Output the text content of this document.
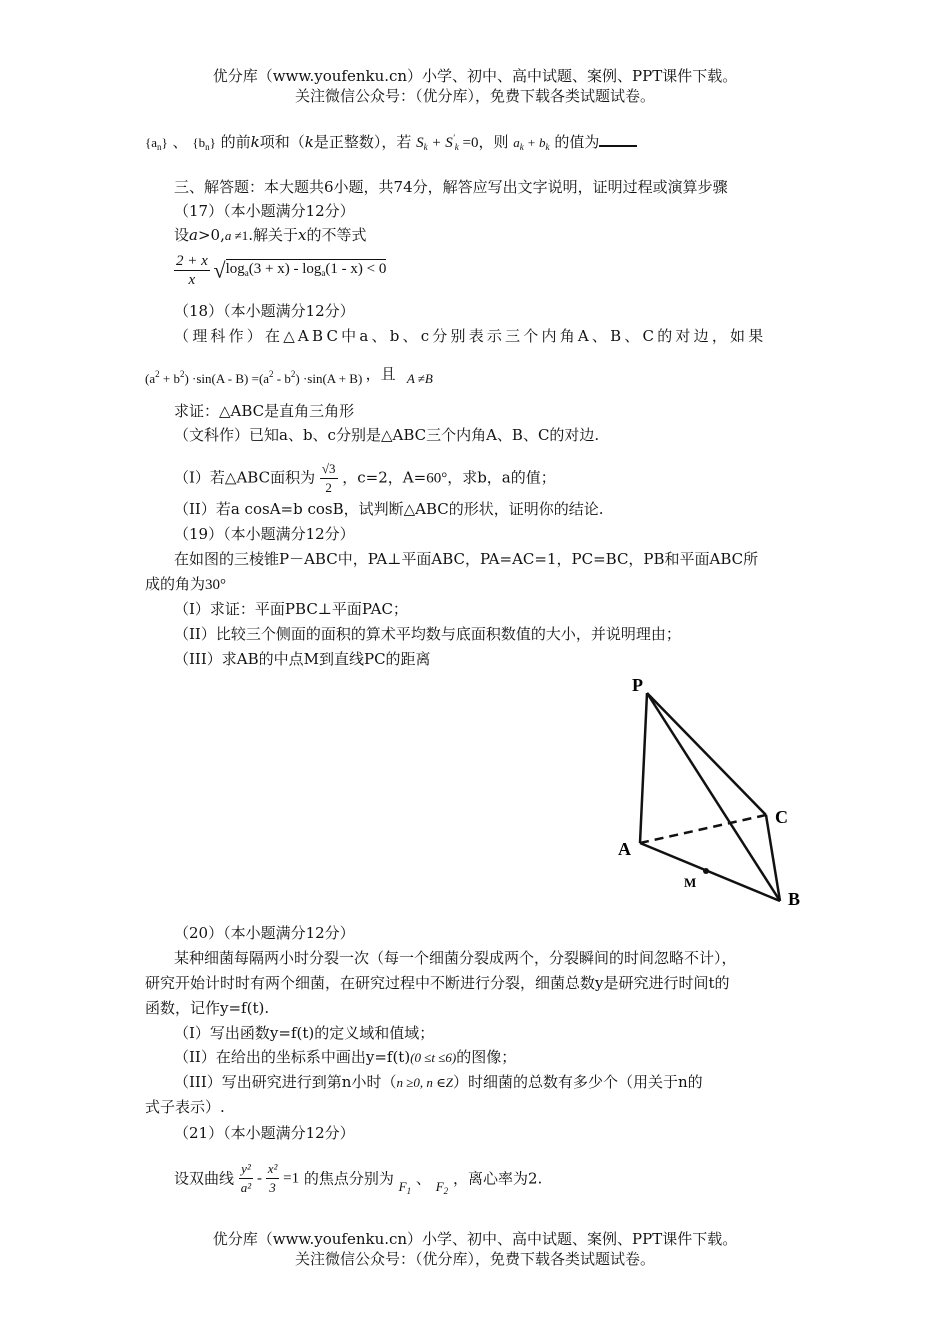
优分库（www.youfenku.cn）小学、初中、高中试题、案例、PPT课件下载。
关注微信公众号：（优分库），免费下载各类试题试卷。
$\{a_n\}$ 、 $\{b_n\}$ 的前k项和（k是正整数），若 $S_k + S'_k =0$，则 $a_k + b_k$ 的值为
三、解答题：本大题共6小题，共74分，解答应写出文字说明，证明过程或演算步骤
（17）（本小题满分12分）
设a>0,a ≠1.解关于x的不等式
$\frac{2 + x}{x} √\log_a(3 + x) - \log_a(1 - x) < 0$
（18）（本小题满分12分）
（理科作）在△ABC中a、b、c分别表示三个内角A、B、C的对边，如果
$(a^2 + b^2) \cdot\sin(A - B) =(a^2 - b^2) \cdot\sin(A + B)$ ，且 A ≠B
求证：△ABC是直角三角形
（文科作）已知a、b、c分别是△ABC三个内角A、B、C的对边.
（I）若△ABC面积为 $\frac{√3}{2}$ ，c=2，A=60°，求b，a的值；
（II）若a cosA=b cosB，试判断△ABC的形状，证明你的结论.
（19）（本小题满分12分）
在如图的三棱锥P－ABC中，PA⊥平面ABC，PA=AC=1，PC=BC，PB和平面ABC所
成的角为30°
（I）求证：平面PBC⊥平面PAC；
（II）比较三个侧面的面积的算术平均数与底面积数值的大小，并说明理由；
（III）求AB的中点M到直线PC的距离
P
A
B
C
M
（20）（本小题满分12分）
某种细菌每隔两小时分裂一次（每一个细菌分裂成两个，分裂瞬间的时间忽略不计），
研究开始计时时有两个细菌，在研究过程中不断进行分裂，细菌总数y是研究进行时间t的
函数，记作y=f(t).
（I）写出函数y=f(t)的定义域和值域；
（II）在给出的坐标系中画出y=f(t)(0 ≤t ≤6)的图像；
（III）写出研究进行到第n小时（n ≥0, n ∈Z）时细菌的总数有多少个（用关于n的
式子表示）.
（21）（本小题满分12分）
设双曲线 $\frac{\text{y²}}{\text{a²}} - \frac{\text{x²}}{3} =1$ 的焦点分别为 $F_1$ 、 $F_2$ ，离心率为2.
优分库（www.youfenku.cn）小学、初中、高中试题、案例、PPT课件下载。
关注微信公众号：（优分库），免费下载各类试题试卷。
